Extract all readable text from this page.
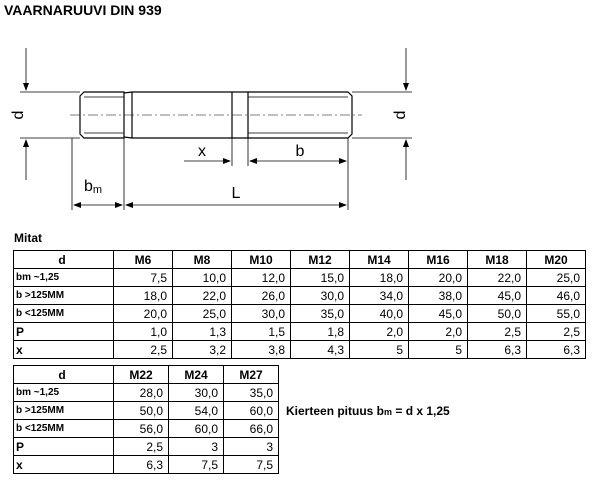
VAARNARUUVI DIN 939
d	d
x	b
bm	L
Mitat
d	M6	M8	M10	M12	M14	M16	M18	M20
bm ~1,25	7,5	10,0	12,0	15,0	18,0	20,0	22,0	25,0
b >125MM	18,0	22,0	26,0	30,0	34,0	38,0	45,0	46,0
b <125MM	20,0	25,0	30,0	35,0	40,0	45,0	50,0	55,0
P	1,0	1,3	1,5	1,8	2,0	2,0	2,5	2,5
x	2,5	3,2	3,8	4,3	5	5	6,3	6,3
d	M22	M24	M27
bm ~1,25	28,0	30,0	35,0
b >125MM	50,0	54,0	60,0
b <125MM	56,0	60,0	66,0
P	2,5	3	3
x	6,3	7,5	7,5
Kierteen pituus bm = d x 1,25
